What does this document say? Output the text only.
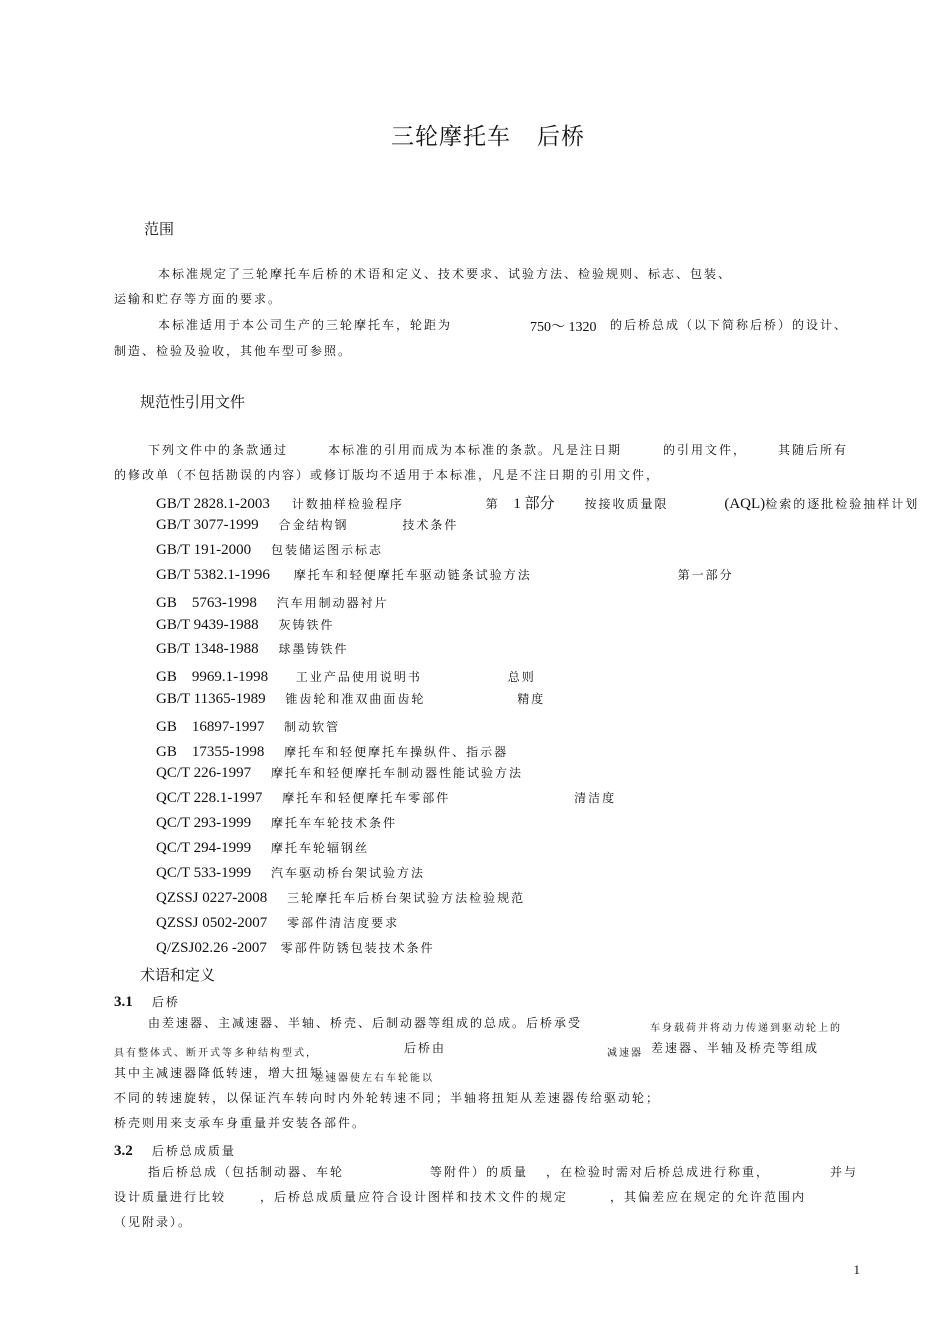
三轮摩托车 后桥
范围
本标准规定了三轮摩托车后桥的术语和定义、技术要求、试验方法、检验规则、标志、包装、
运输和贮存等方面的要求。
本标准适用于本公司生产的三轮摩托车，轮距为	750～ 1320 的后桥总成（以下简称后桥）的设计、
制造、检验及验收，其他车型可参照。
规范性引用文件
下列文件中的条款通过	本标准的引用而成为本标准的条款。凡是注日期	的引用文件，	其随后所有
的修改单（不包括勘误的内容）或修订版均不适用于本标准，凡是不注日期的引用文件，
GB/T 2828.1-2003 计数抽样检验程序	第 1 部分 按接收质量限	(AQL)检索的逐批检验抽样计划
GB/T 3077-1999 合金结构钢	技术条件
GB/T 191-2000 包装储运图示标志
GB/T 5382.1-1996 摩托车和轻便摩托车驱动链条试验方法	第一部分
GB　5763-1998 汽车用制动器衬片
GB/T 9439-1988 灰铸铁件
GB/T 1348-1988 球墨铸铁件
GB　9969.1-1998 工业产品使用说明书	总则
GB/T 11365-1989 锥齿轮和准双曲面齿轮	精度
GB　16897-1997 制动软管
GB　17355-1998 摩托车和轻便摩托车操纵件、指示器
QC/T 226-1997 摩托车和轻便摩托车制动器性能试验方法
QC/T 228.1-1997 摩托车和轻便摩托车零部件	清洁度
QC/T 293-1999 摩托车车轮技术条件
QC/T 294-1999 摩托车轮辐钢丝
QC/T 533-1999 汽车驱动桥台架试验方法
QZSSJ 0227-2008 三轮摩托车后桥台架试验方法检验规范
QZSSJ 0502-2007 零部件清洁度要求
Q/ZSJ02.26 -2007 零部件防锈包装技术条件
术语和定义
3.1 后桥
由差速器、主减速器、半轴、桥壳、后制动器等组成的总成。后桥承受	车身载荷并将动力传递到驱动轮上的
具有整体式、断开式等多种结构型式，	后桥由	减速器 差速器、半轴及桥壳等组成
其中主减速器降低转速，增大扭矩；
差速器使左右车轮能以
不同的转速旋转，以保证汽车转向时内外轮转速不同；半轴将扭矩从差速器传给驱动轮；
桥壳则用来支承车身重量并安装各部件。
3.2 后桥总成质量
指后桥总成（包括制动器、车轮	等附件）的质量 ，在检验时需对后桥总成进行称重，	并与
设计质量进行比较	，后桥总成质量应符合设计图样和技术文件的规定	，其偏差应在规定的允许范围内
（见附录）。
1
